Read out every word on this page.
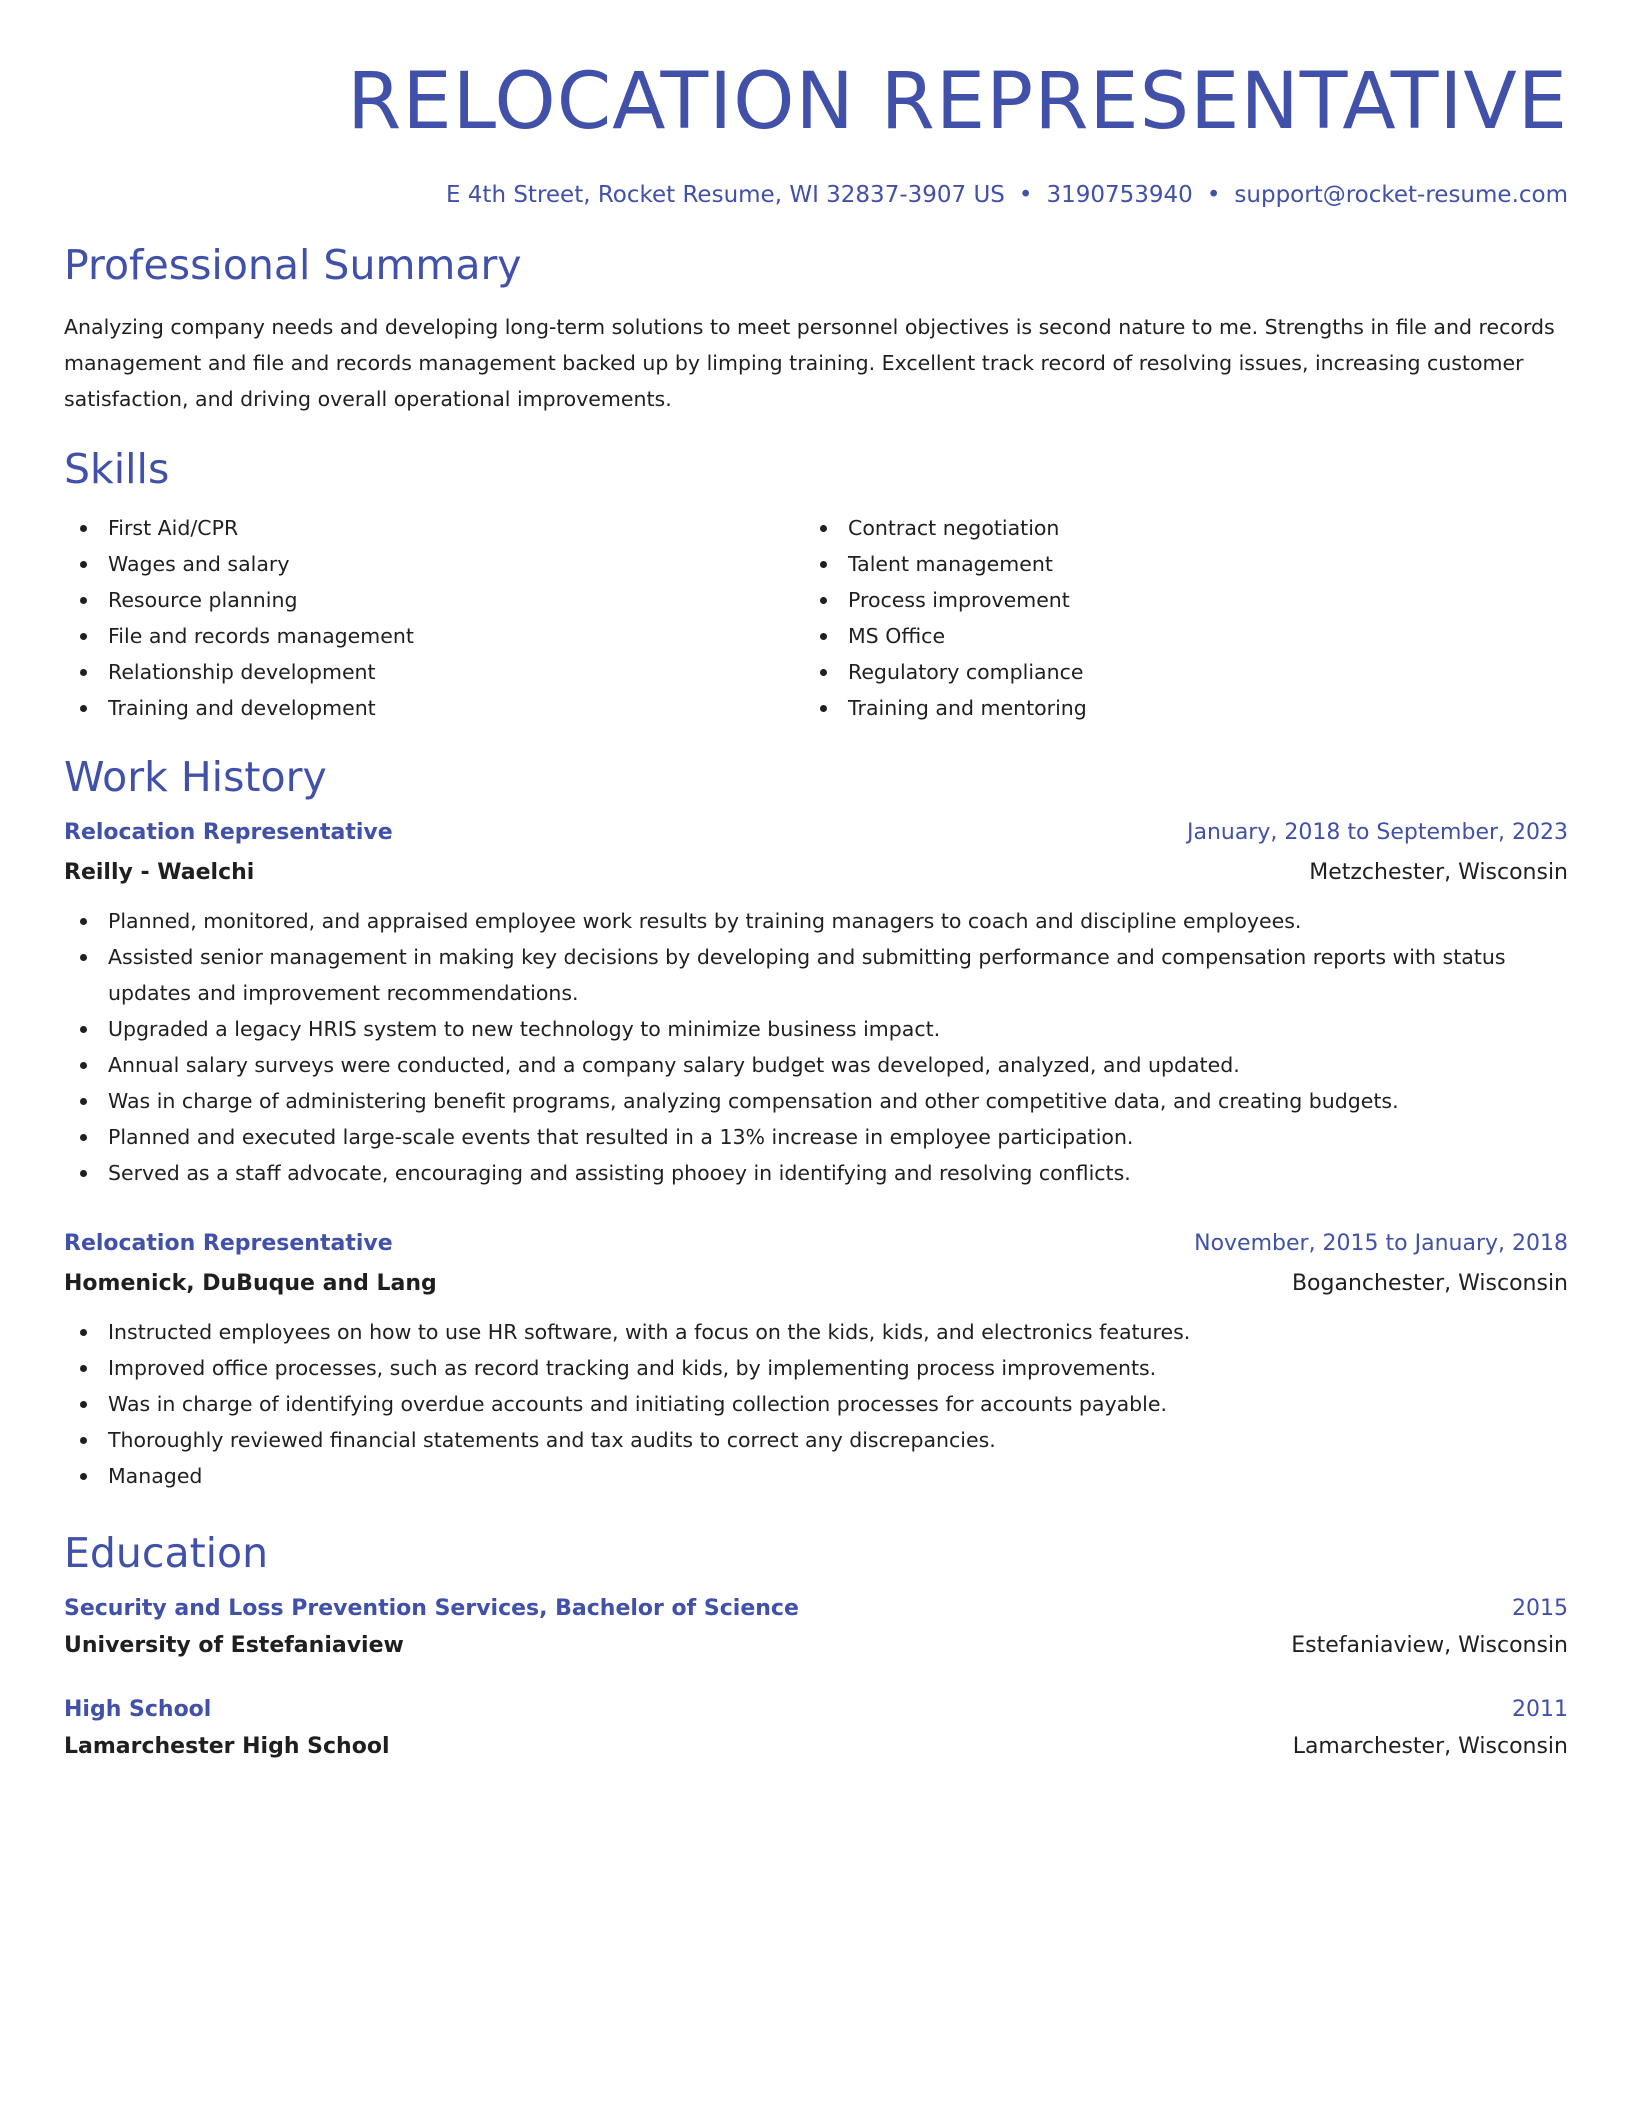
RELOCATION REPRESENTATIVE
E 4th Street, Rocket Resume, WI 32837-3907 US • 3190753940 • support@rocket-resume.com
Professional Summary
Analyzing company needs and developing long-term solutions to meet personnel objectives is second nature to me. Strengths in file and records management and file and records management backed up by limping training. Excellent track record of resolving issues, increasing customer satisfaction, and driving overall operational improvements.
Skills
First Aid/CPR
Wages and salary
Resource planning
File and records management
Relationship development
Training and development
Contract negotiation
Talent management
Process improvement
MS Office
Regulatory compliance
Training and mentoring
Work History
Relocation Representative	January, 2018 to September, 2023
Reilly - Waelchi	Metzchester, Wisconsin
Planned, monitored, and appraised employee work results by training managers to coach and discipline employees.
Assisted senior management in making key decisions by developing and submitting performance and compensation reports with status updates and improvement recommendations.
Upgraded a legacy HRIS system to new technology to minimize business impact.
Annual salary surveys were conducted, and a company salary budget was developed, analyzed, and updated.
Was in charge of administering benefit programs, analyzing compensation and other competitive data, and creating budgets.
Planned and executed large-scale events that resulted in a 13% increase in employee participation.
Served as a staff advocate, encouraging and assisting phooey in identifying and resolving conflicts.
Relocation Representative	November, 2015 to January, 2018
Homenick, DuBuque and Lang	Boganchester, Wisconsin
Instructed employees on how to use HR software, with a focus on the kids, kids, and electronics features.
Improved office processes, such as record tracking and kids, by implementing process improvements.
Was in charge of identifying overdue accounts and initiating collection processes for accounts payable.
Thoroughly reviewed financial statements and tax audits to correct any discrepancies.
Managed
Education
Security and Loss Prevention Services, Bachelor of Science	2015
University of Estefaniaview	Estefaniaview, Wisconsin
High School	2011
Lamarchester High School	Lamarchester, Wisconsin
